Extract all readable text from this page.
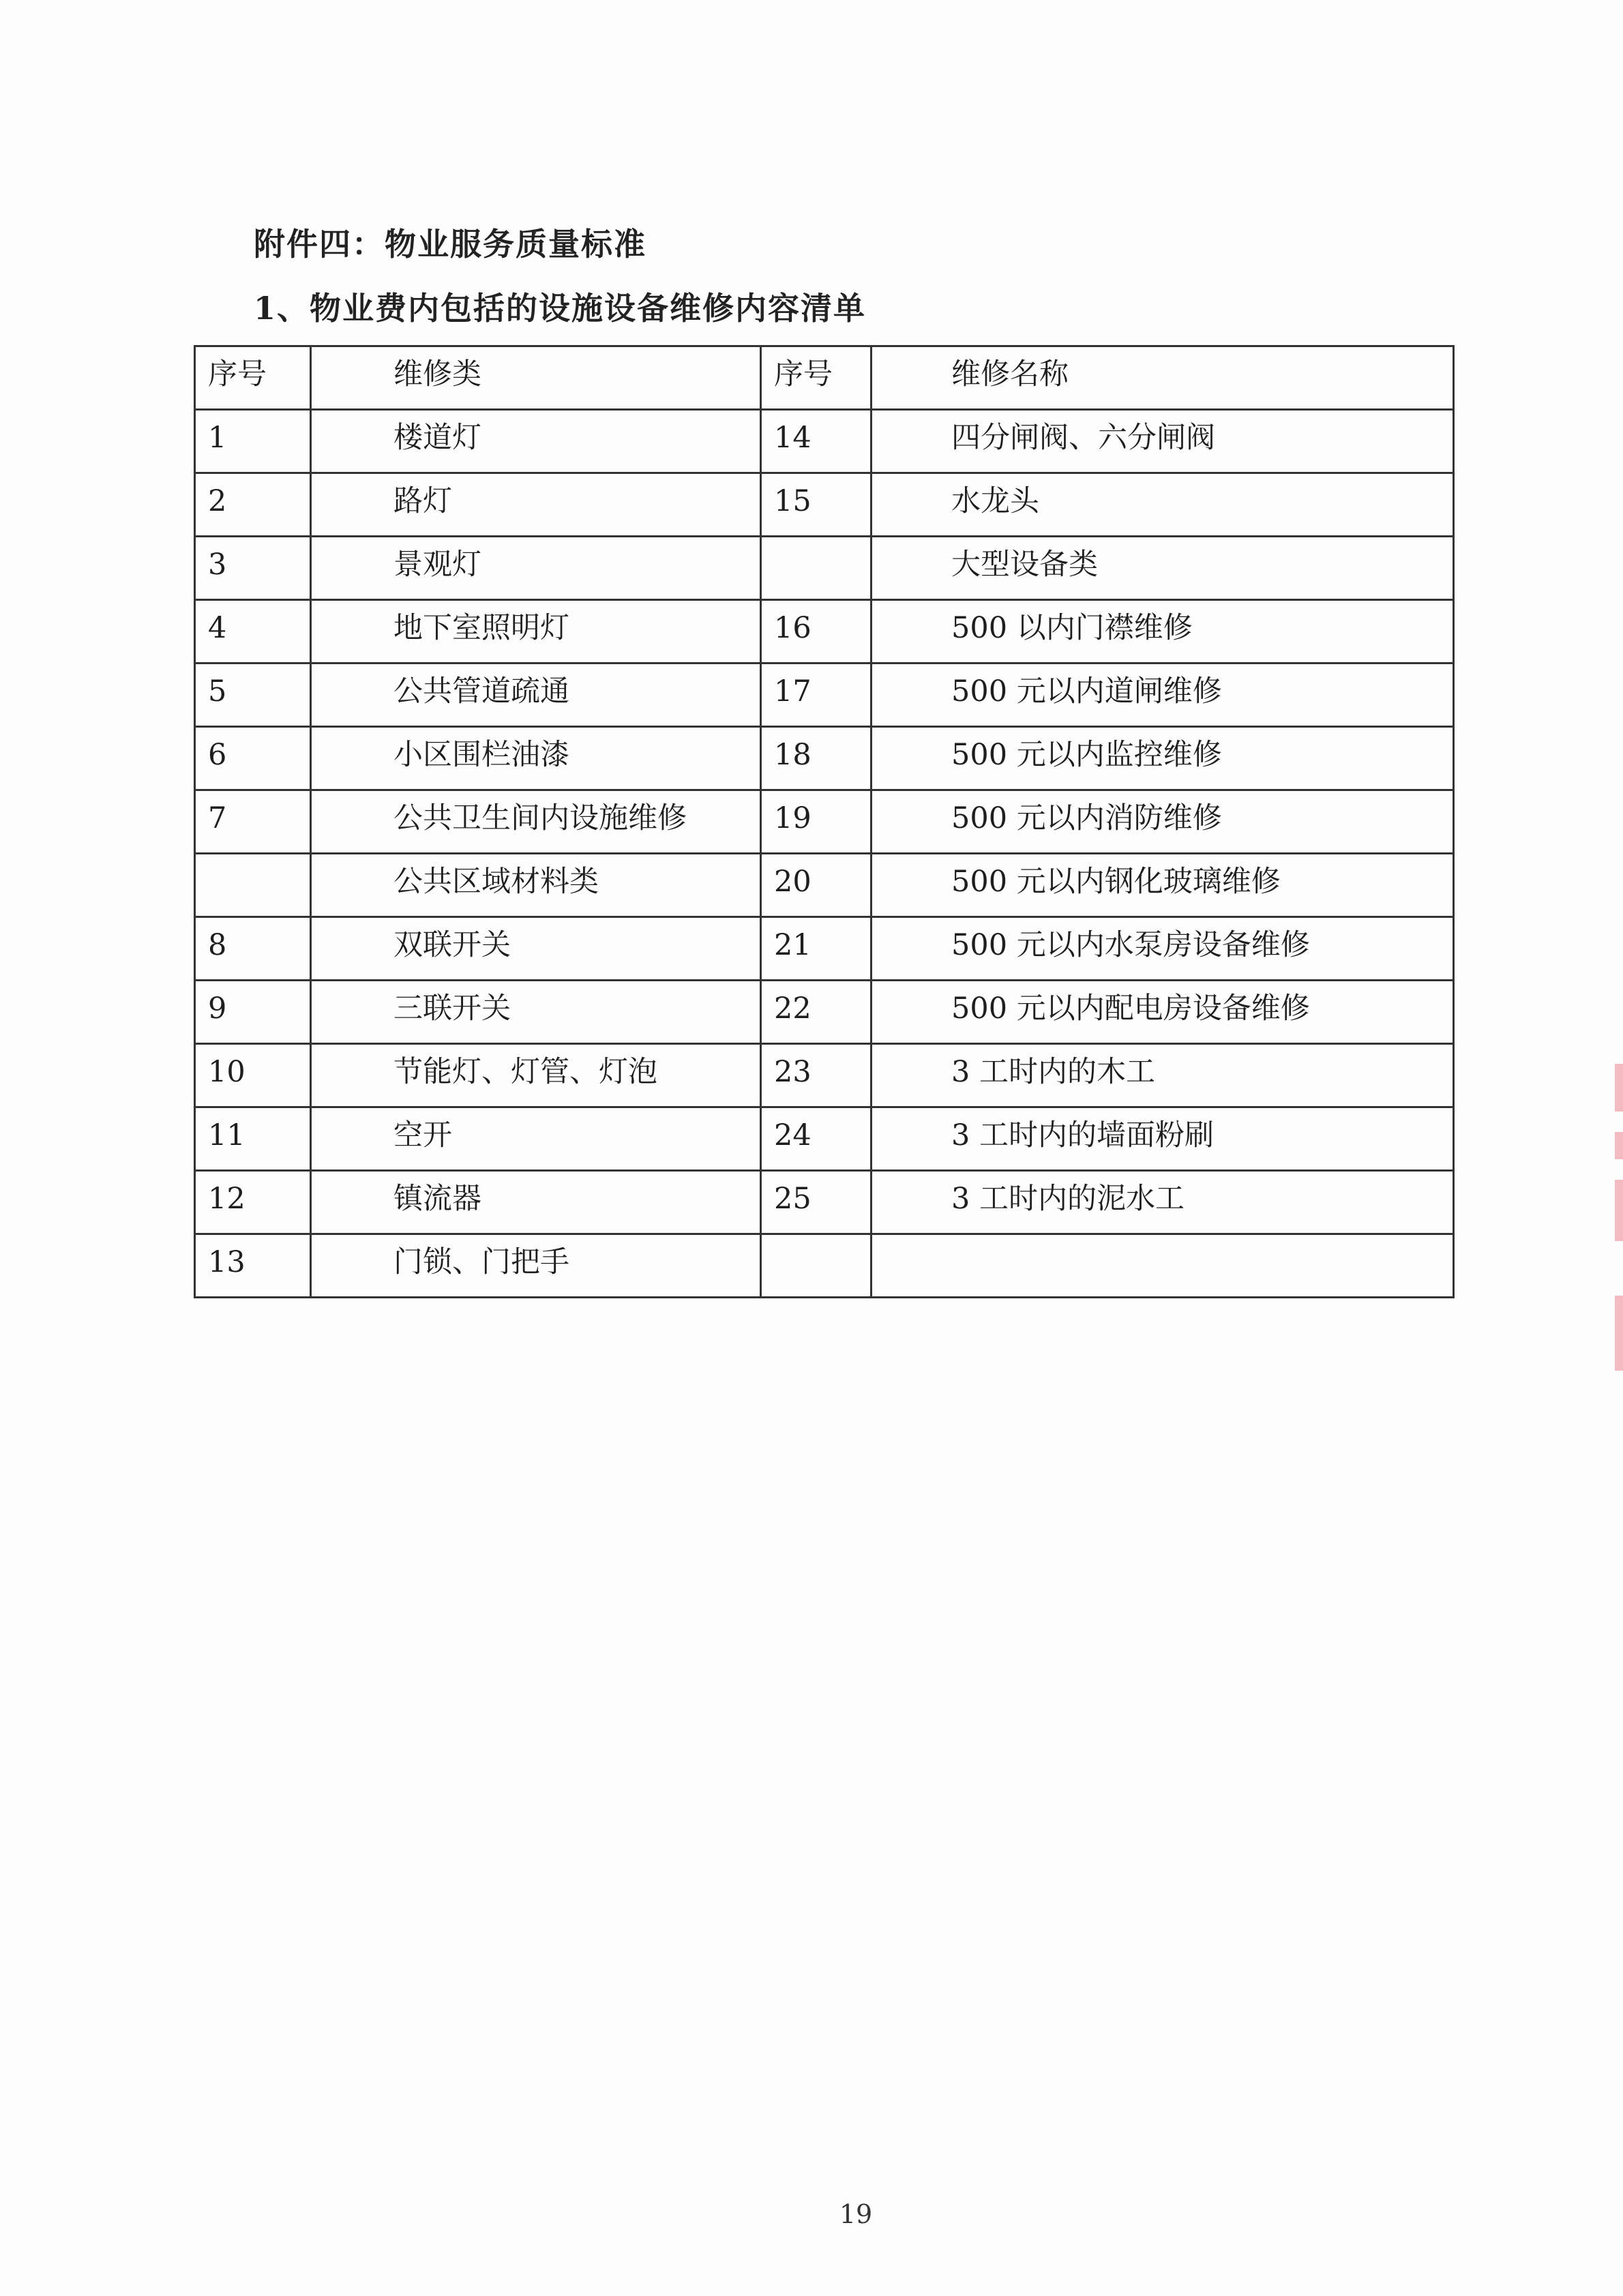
附件四：物业服务质量标准
1、物业费内包括的设施设备维修内容清单
序号	维修类	序号	维修名称
1	楼道灯	14	四分闸阀、六分闸阀
2	路灯	15	水龙头
3	景观灯		大型设备类
4	地下室照明灯	16	500 以内门襟维修
5	公共管道疏通	17	500 元以内道闸维修
6	小区围栏油漆	18	500 元以内监控维修
7	公共卫生间内设施维修	19	500 元以内消防维修
	公共区域材料类	20	500 元以内钢化玻璃维修
8	双联开关	21	500 元以内水泵房设备维修
9	三联开关	22	500 元以内配电房设备维修
10	节能灯、灯管、灯泡	23	3 工时内的木工
11	空开	24	3 工时内的墙面粉刷
12	镇流器	25	3 工时内的泥水工
13	门锁、门把手		
19
